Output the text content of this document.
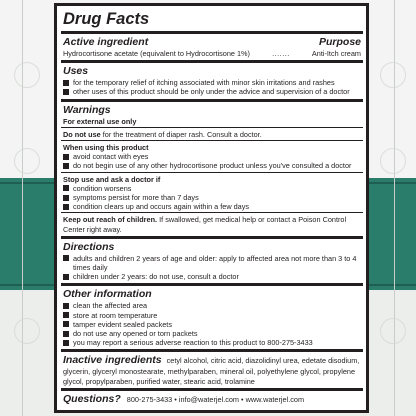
Drug Facts
Active ingredient	Purpose
Hydrocortisone acetate (equivalent to Hydrocortisone 1%)	.......	Anti-Itch cream
Uses
for the temporary relief of itching associated with minor skin irritations and rashes
other uses of this product should be only under the advice and supervision of a doctor
Warnings
For external use only
Do not use for the treatment of diaper rash. Consult a doctor.
When using this product
avoid contact with eyes
do not begin use of any other hydrocortisone product unless you've consulted a doctor
Stop use and ask a doctor if
condition worsens
symptoms persist for more than 7 days
condition clears up and occurs again within a few days
Keep out reach of children. If swallowed, get medical help or contact a Poison Control Center right away.
Directions
adults and children 2 years of age and older: apply to affected area not more than 3 to 4 times daily
children under 2 years: do not use, consult a doctor
Other information
clean the affected area
store at room temperature
tamper evident sealed packets
do not use any opened or torn packets
you may report a serious adverse reaction to this product to 800-275-3433
Inactive ingredients cetyl alcohol, citric acid, diazolidinyl urea, edetate disodium, glycerin, glyceryl monostearate, methylparaben, mineral oil, polyethylene glycol, propylene glycol, propylparaben, purified water, stearic acid, trolamine
Questions? 800-275-3433 • info@waterjel.com • www.waterjel.com
